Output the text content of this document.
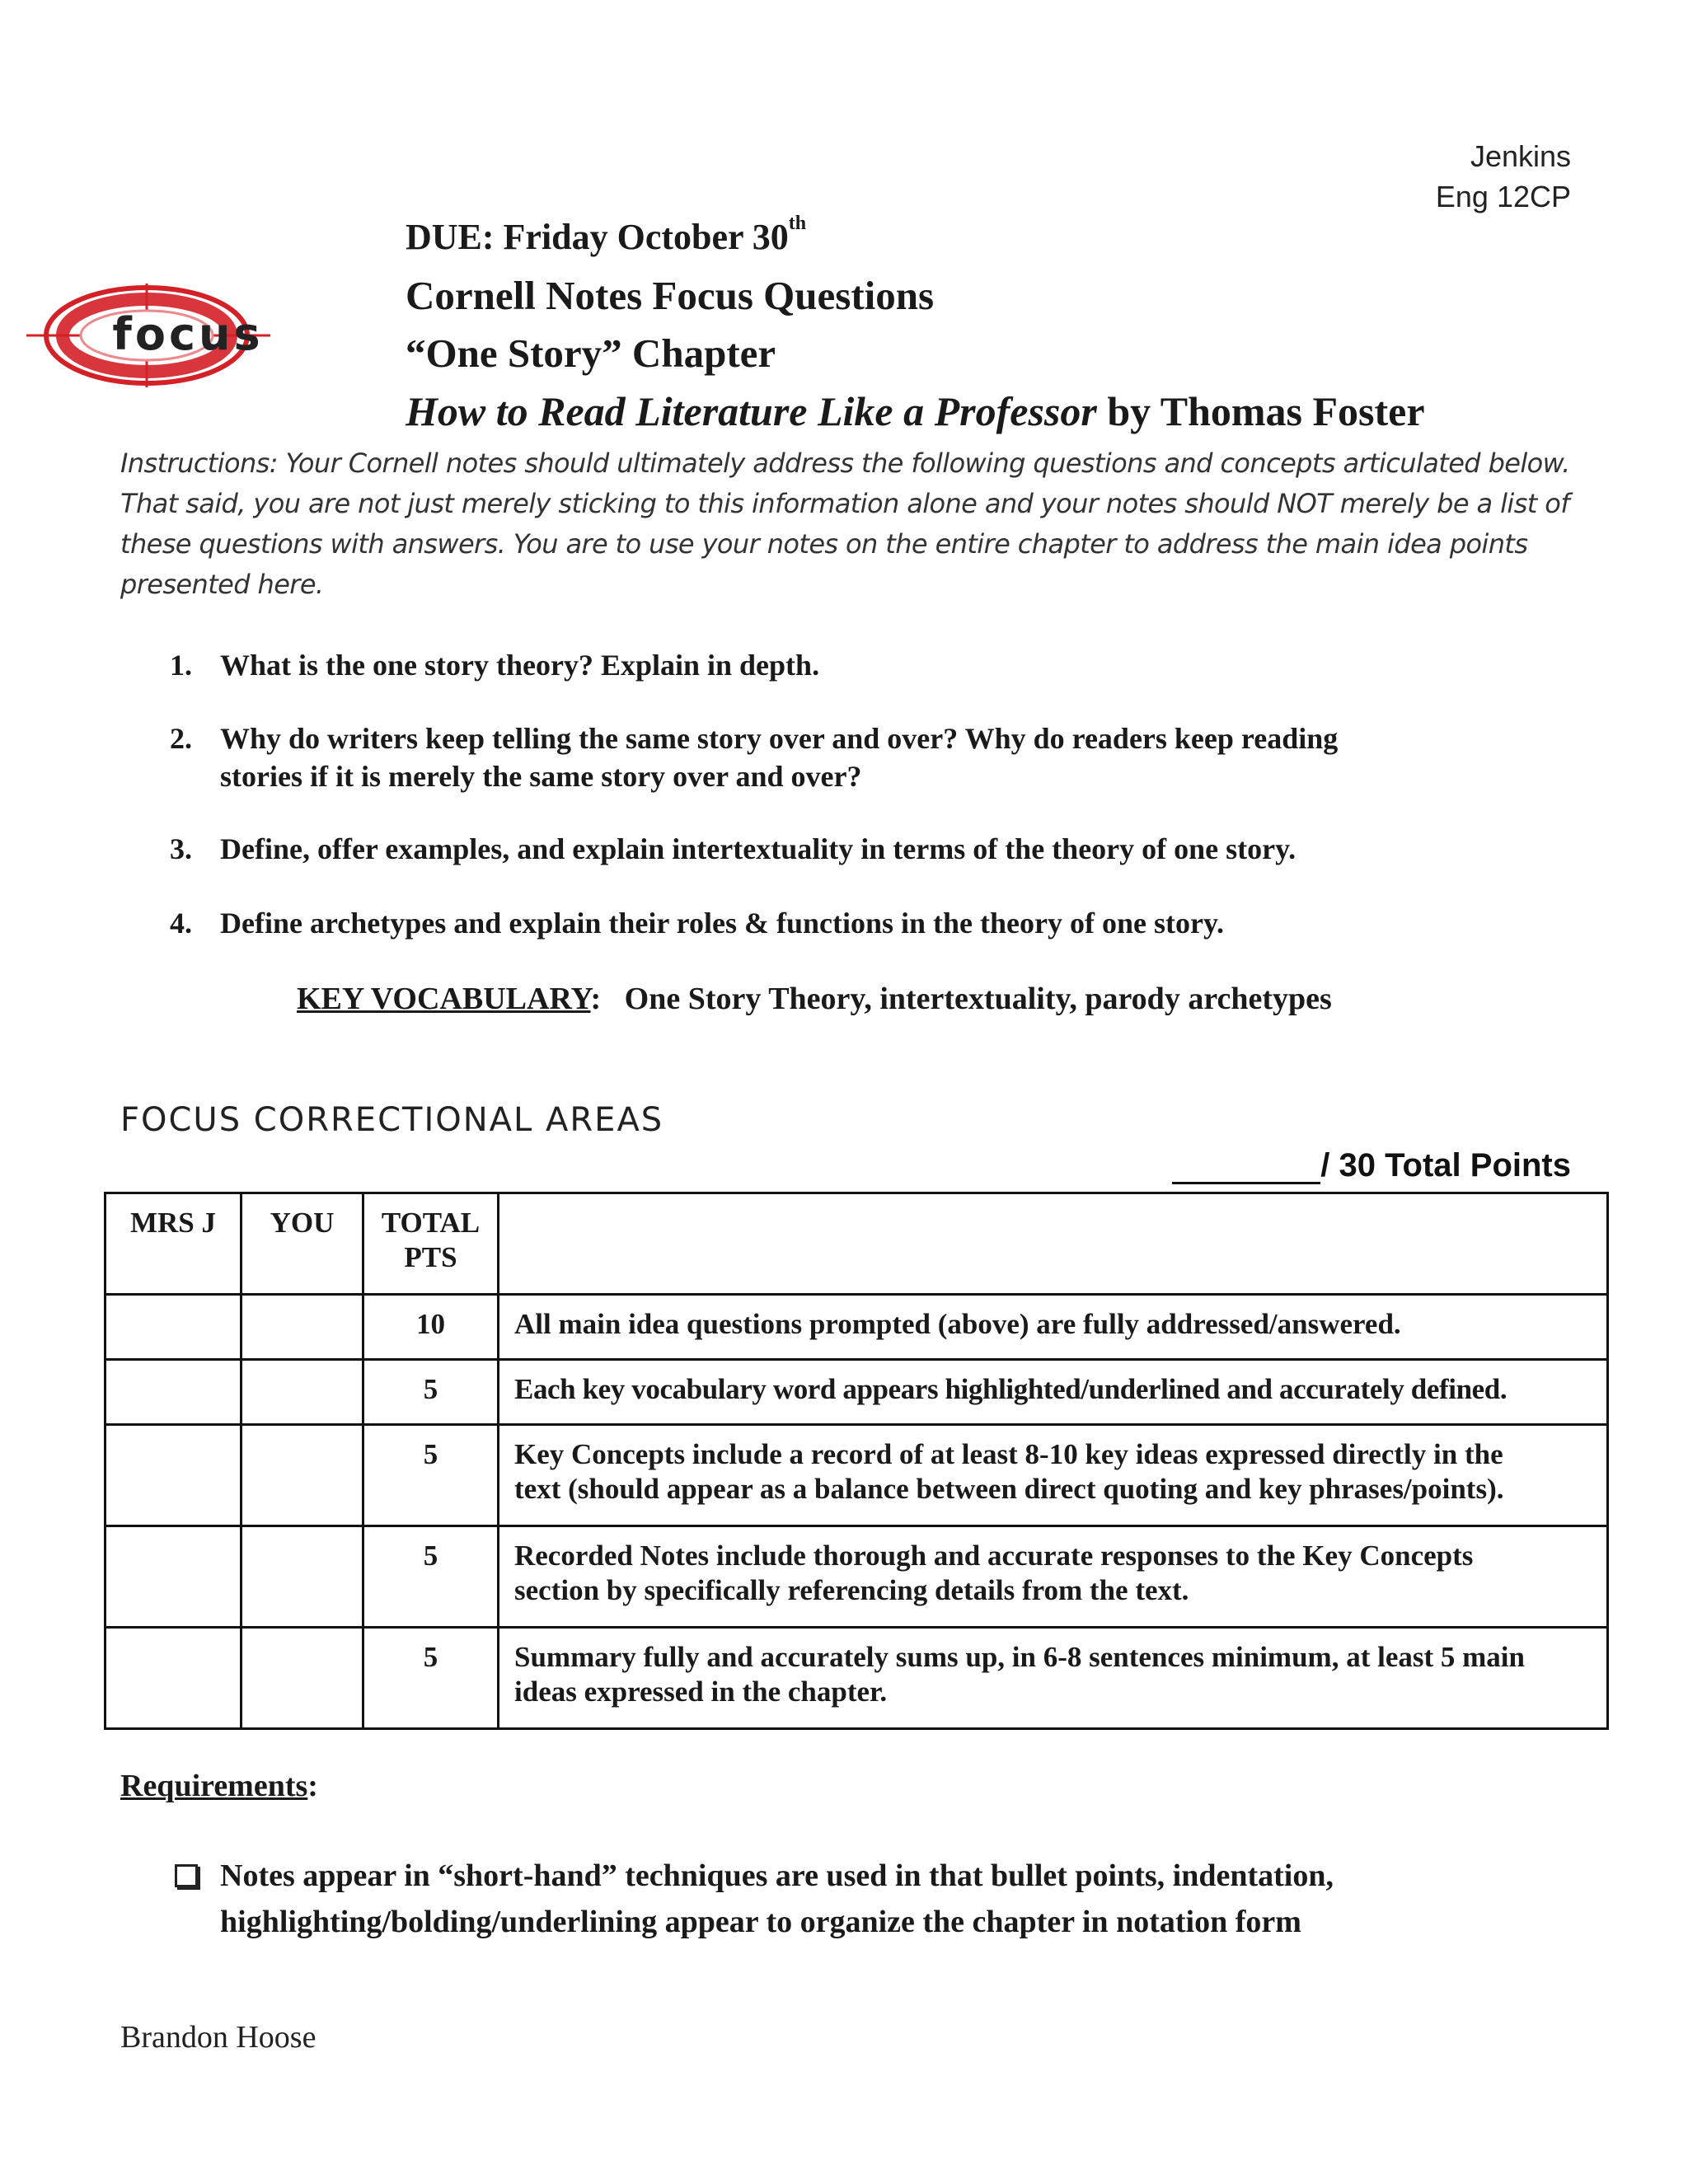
Jenkins
Eng 12CP
focus
DUE: Friday October 30th
Cornell Notes Focus Questions
“One Story” Chapter
How to Read Literature Like a Professor by Thomas Foster
Instructions: Your Cornell notes should ultimately address the following questions and concepts articulated below.
That said, you are not just merely sticking to this information alone and your notes should NOT merely be a list of
these questions with answers. You are to use your notes on the entire chapter to address the main idea points
presented here.
1. What is the one story theory? Explain in depth.
2. Why do writers keep telling the same story over and over? Why do readers keep reading
stories if it is merely the same story over and over?
3. Define, offer examples, and explain intertextuality in terms of the theory of one story.
4. Define archetypes and explain their roles & functions in the theory of one story.
KEY VOCABULARY: One Story Theory, intertextuality, parody archetypes
FOCUS CORRECTIONAL AREAS
/ 30 Total Points
MRS J	YOU	TOTAL
PTS	
		10	All main idea questions prompted (above) are fully addressed/answered.
		5	Each key vocabulary word appears highlighted/underlined and accurately defined.
		5	Key Concepts include a record of at least 8-10 key ideas expressed directly in the
text (should appear as a balance between direct quoting and key phrases/points).
		5	Recorded Notes include thorough and accurate responses to the Key Concepts
section by specifically referencing details from the text.
		5	Summary fully and accurately sums up, in 6-8 sentences minimum, at least 5 main
ideas expressed in the chapter.
Requirements:
Notes appear in “short-hand” techniques are used in that bullet points, indentation,
highlighting/bolding/underlining appear to organize the chapter in notation form
Brandon Hoose
